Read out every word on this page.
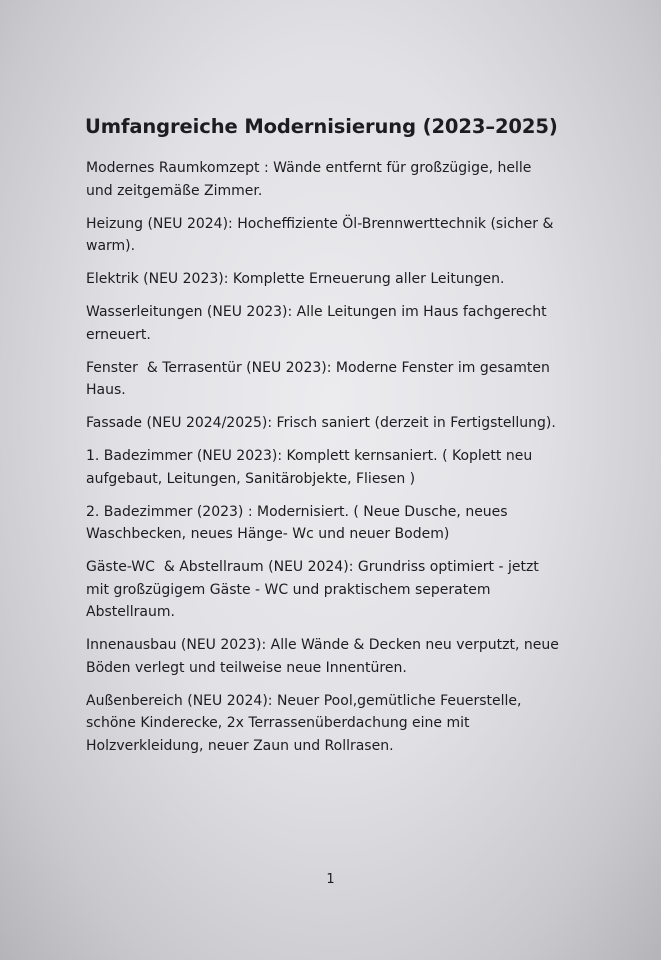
Umfangreiche Modernisierung (2023–2025)

Modernes Raumkomzept : Wände entfernt für großzügige, helle und zeitgemäße Zimmer.

Heizung (NEU 2024): Hocheffiziente Öl-Brennwerttechnik (sicher & warm).

Elektrik (NEU 2023): Komplette Erneuerung aller Leitungen.

Wasserleitungen (NEU 2023): Alle Leitungen im Haus fachgerecht erneuert.

Fenster  & Terrasentür (NEU 2023): Moderne Fenster im gesamten Haus.

Fassade (NEU 2024/2025): Frisch saniert (derzeit in Fertigstellung).

1. Badezimmer (NEU 2023): Komplett kernsaniert. ( Koplett neu aufgebaut, Leitungen, Sanitärobjekte, Fliesen )

2. Badezimmer (2023) : Modernisiert. ( Neue Dusche, neues Waschbecken, neues Hänge- Wc und neuer Bodem)

Gäste-WC  & Abstellraum (NEU 2024): Grundriss optimiert - jetzt mit großzügigem Gäste - WC und praktischem seperatem Abstellraum.

Innenausbau (NEU 2023): Alle Wände & Decken neu verputzt, neue Böden verlegt und teilweise neue Innentüren.

Außenbereich (NEU 2024): Neuer Pool,gemütliche Feuerstelle, schöne Kinderecke, 2x Terrassenüberdachung eine mit Holzverkleidung, neuer Zaun und Rollrasen.

1
